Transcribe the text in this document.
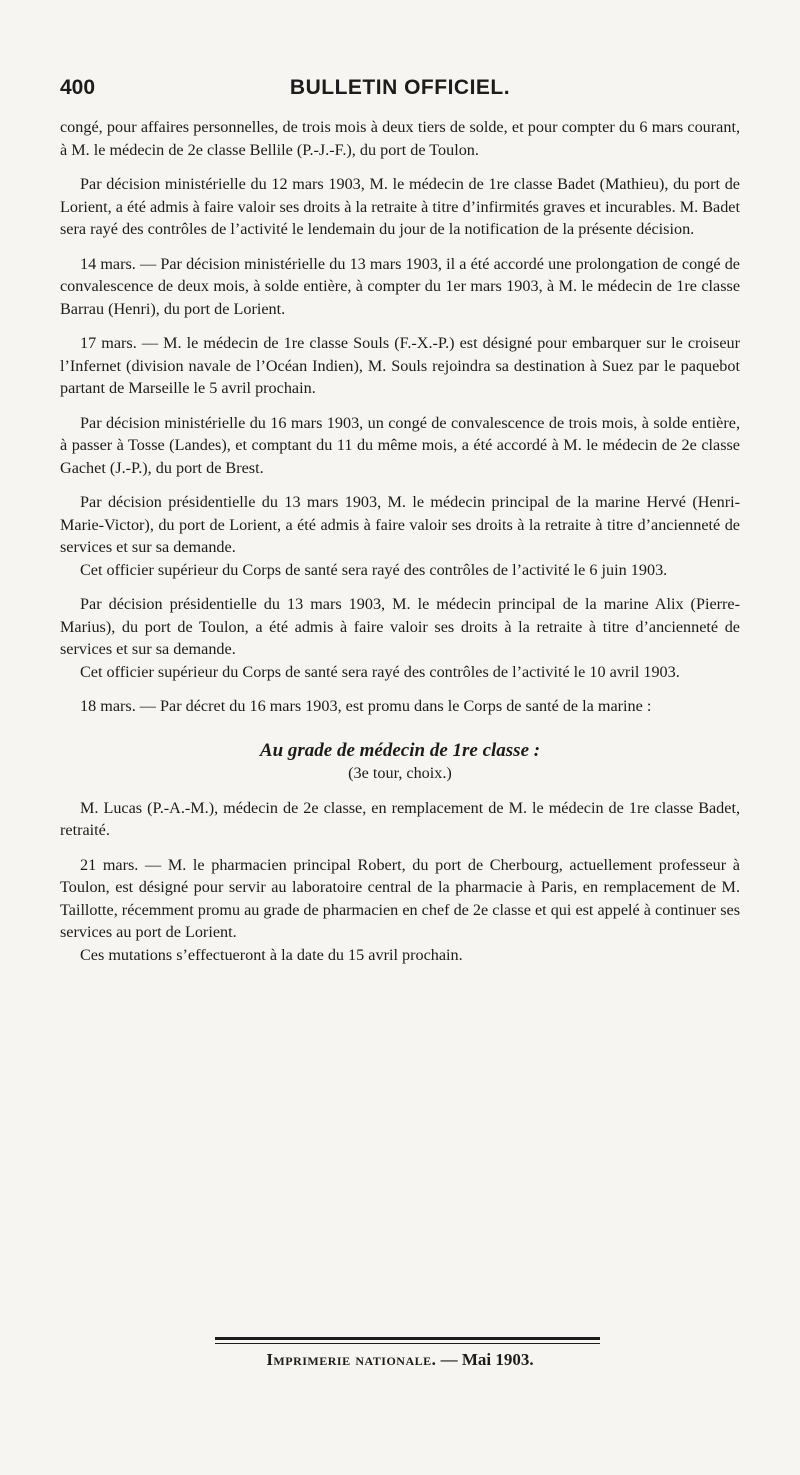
400	BULLETIN OFFICIEL.

congé, pour affaires personnelles, de trois mois à deux tiers de solde, et pour compter du 6 mars courant, à M. le médecin de 2e classe Bellile (P.-J.-F.), du port de Toulon.

Par décision ministérielle du 12 mars 1903, M. le médecin de 1re classe Badet (Mathieu), du port de Lorient, a été admis à faire valoir ses droits à la retraite à titre d’infirmités graves et incurables. M. Badet sera rayé des contrôles de l’activité le lendemain du jour de la notification de la présente décision.

14 mars. — Par décision ministérielle du 13 mars 1903, il a été accordé une prolongation de congé de convalescence de deux mois, à solde entière, à compter du 1er mars 1903, à M. le médecin de 1re classe Barrau (Henri), du port de Lorient.

17 mars. — M. le médecin de 1re classe Souls (F.-X.-P.) est désigné pour embarquer sur le croiseur l’Infernet (division navale de l’Océan Indien), M. Souls rejoindra sa destination à Suez par le paquebot partant de Marseille le 5 avril prochain.

Par décision ministérielle du 16 mars 1903, un congé de convalescence de trois mois, à solde entière, à passer à Tosse (Landes), et comptant du 11 du même mois, a été accordé à M. le médecin de 2e classe Gachet (J.-P.), du port de Brest.

Par décision présidentielle du 13 mars 1903, M. le médecin principal de la marine Hervé (Henri-Marie-Victor), du port de Lorient, a été admis à faire valoir ses droits à la retraite à titre d’ancienneté de services et sur sa demande.

Cet officier supérieur du Corps de santé sera rayé des contrôles de l’activité le 6 juin 1903.

Par décision présidentielle du 13 mars 1903, M. le médecin principal de la marine Alix (Pierre-Marius), du port de Toulon, a été admis à faire valoir ses droits à la retraite à titre d’ancienneté de services et sur sa demande.

Cet officier supérieur du Corps de santé sera rayé des contrôles de l’activité le 10 avril 1903.

18 mars. — Par décret du 16 mars 1903, est promu dans le Corps de santé de la marine :

Au grade de médecin de 1re classe :

(3e tour, choix.)

M. Lucas (P.-A.-M.), médecin de 2e classe, en remplacement de M. le médecin de 1re classe Badet, retraité.

21 mars. — M. le pharmacien principal Robert, du port de Cherbourg, actuellement professeur à Toulon, est désigné pour servir au laboratoire central de la pharmacie à Paris, en remplacement de M. Taillotte, récemment promu au grade de pharmacien en chef de 2e classe et qui est appelé à continuer ses services au port de Lorient.

Ces mutations s’effectueront à la date du 15 avril prochain.

Imprimerie nationale. — Mai 1903.
